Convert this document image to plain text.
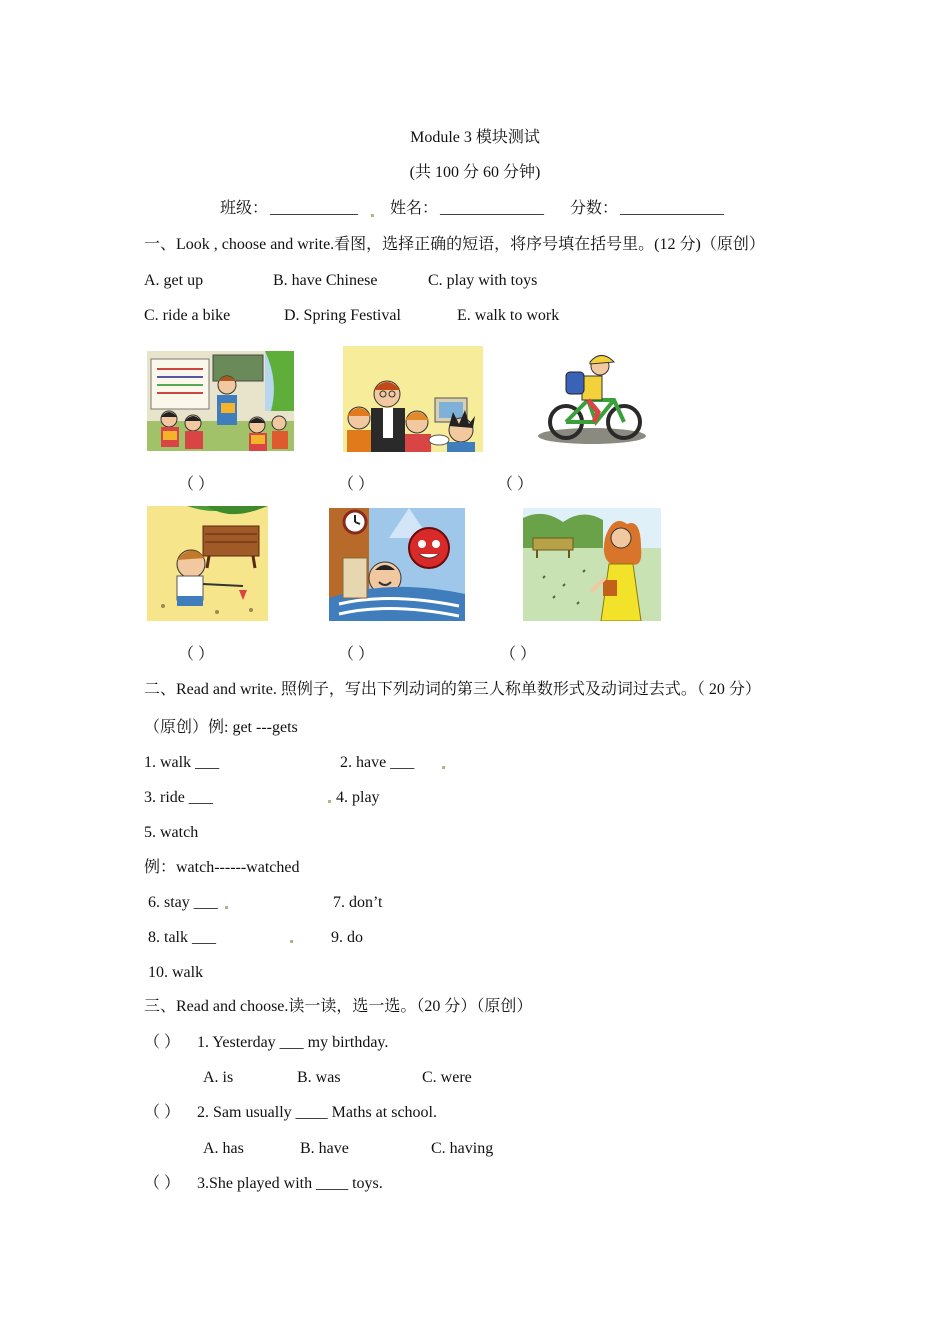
Module 3 模块测试
(共 100 分 60 分钟)
班级： ___________ 姓名： _____________ 分数： _____________
一、Look , choose and write.看图，选择正确的短语，将序号填在括号里。(12 分)（原创）
A. get up	B. have Chinese	C. play with toys
C. ride a bike	D. Spring Festival	E. walk to work
（ ）	（ ）	（ ）
（ ）	（ ）	（ ）
二、Read and write. 照例子，写出下列动词的第三人称单数形式及动词过去式。（ 20 分）
（原创）例: get ---gets
1. walk ___	2. have ___
3. ride ___	4. play
5. watch
例：watch------watched
6. stay ___	7. don’t
8. talk ___	9. do
10. walk
三、Read and choose.读一读，选一选。（20 分）（原创）
（ ） 1. Yesterday ___ my birthday.
A. is	B. was	C. were
（ ） 2. Sam usually ____ Maths at school.
A. has	B. have	C. having
（ ） 3.She played with ____ toys.
